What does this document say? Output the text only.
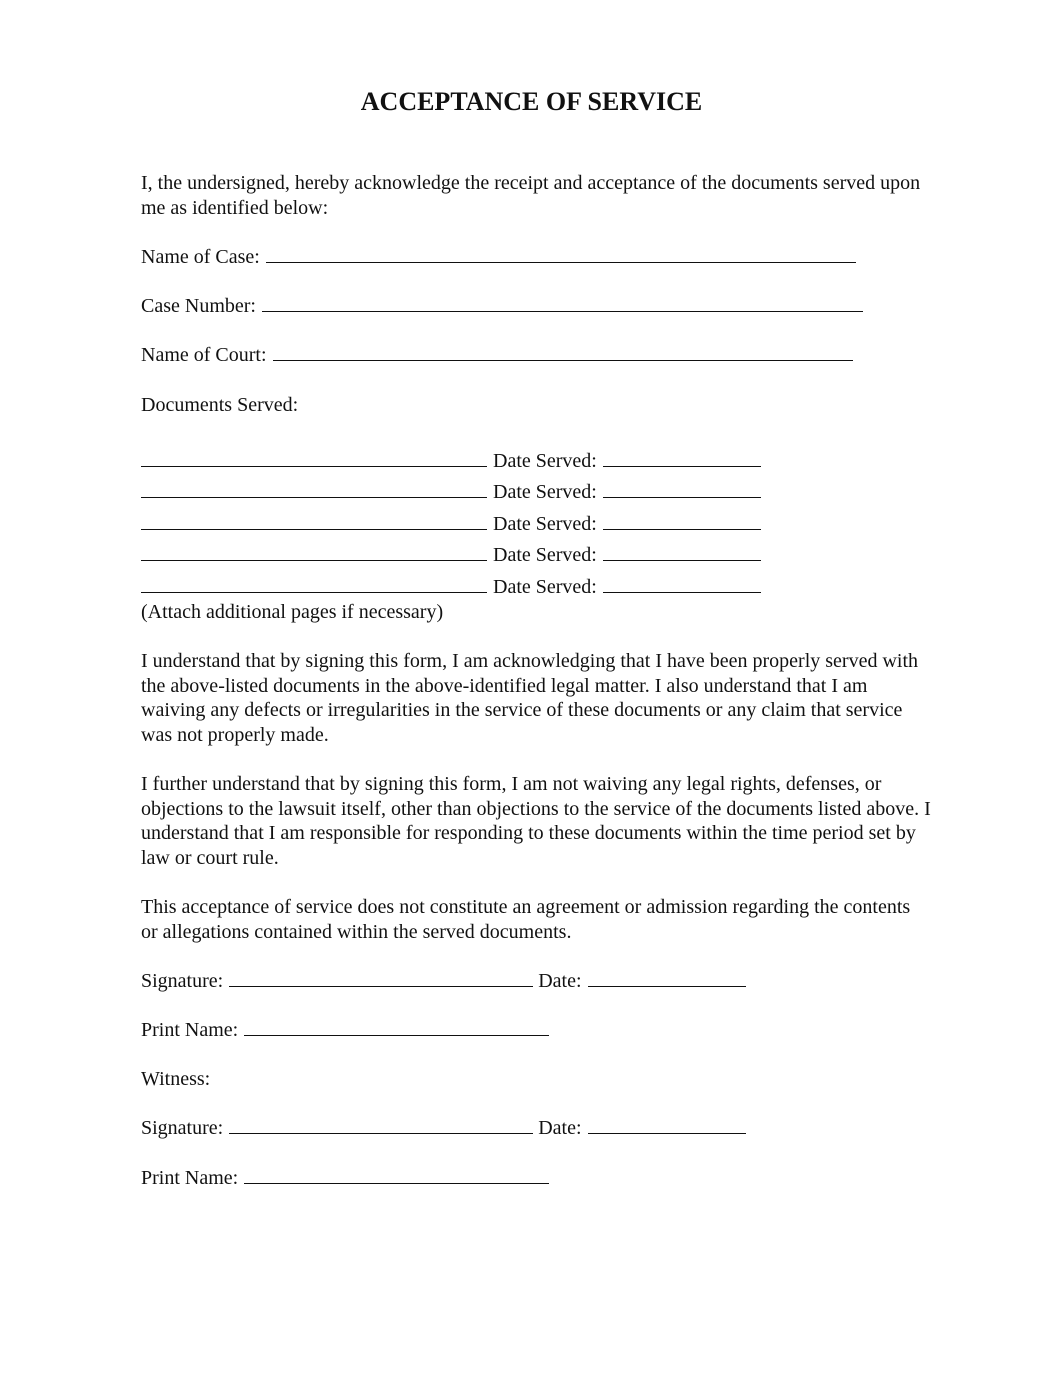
ACCEPTANCE OF SERVICE

I, the undersigned, hereby acknowledge the receipt and acceptance of the documents served upon me as identified below:

Name of Case:
Case Number:
Name of Court:
Documents Served:
Date Served:
Date Served:
Date Served:
Date Served:
Date Served:
(Attach additional pages if necessary)

I understand that by signing this form, I am acknowledging that I have been properly served with the above-listed documents in the above-identified legal matter. I also understand that I am waiving any defects or irregularities in the service of these documents or any claim that service was not properly made.

I further understand that by signing this form, I am not waiving any legal rights, defenses, or objections to the lawsuit itself, other than objections to the service of the documents listed above. I understand that I am responsible for responding to these documents within the time period set by law or court rule.

This acceptance of service does not constitute an agreement or admission regarding the contents or allegations contained within the served documents.

Signature:	Date:
Print Name:
Witness:
Signature:	Date:
Print Name:
